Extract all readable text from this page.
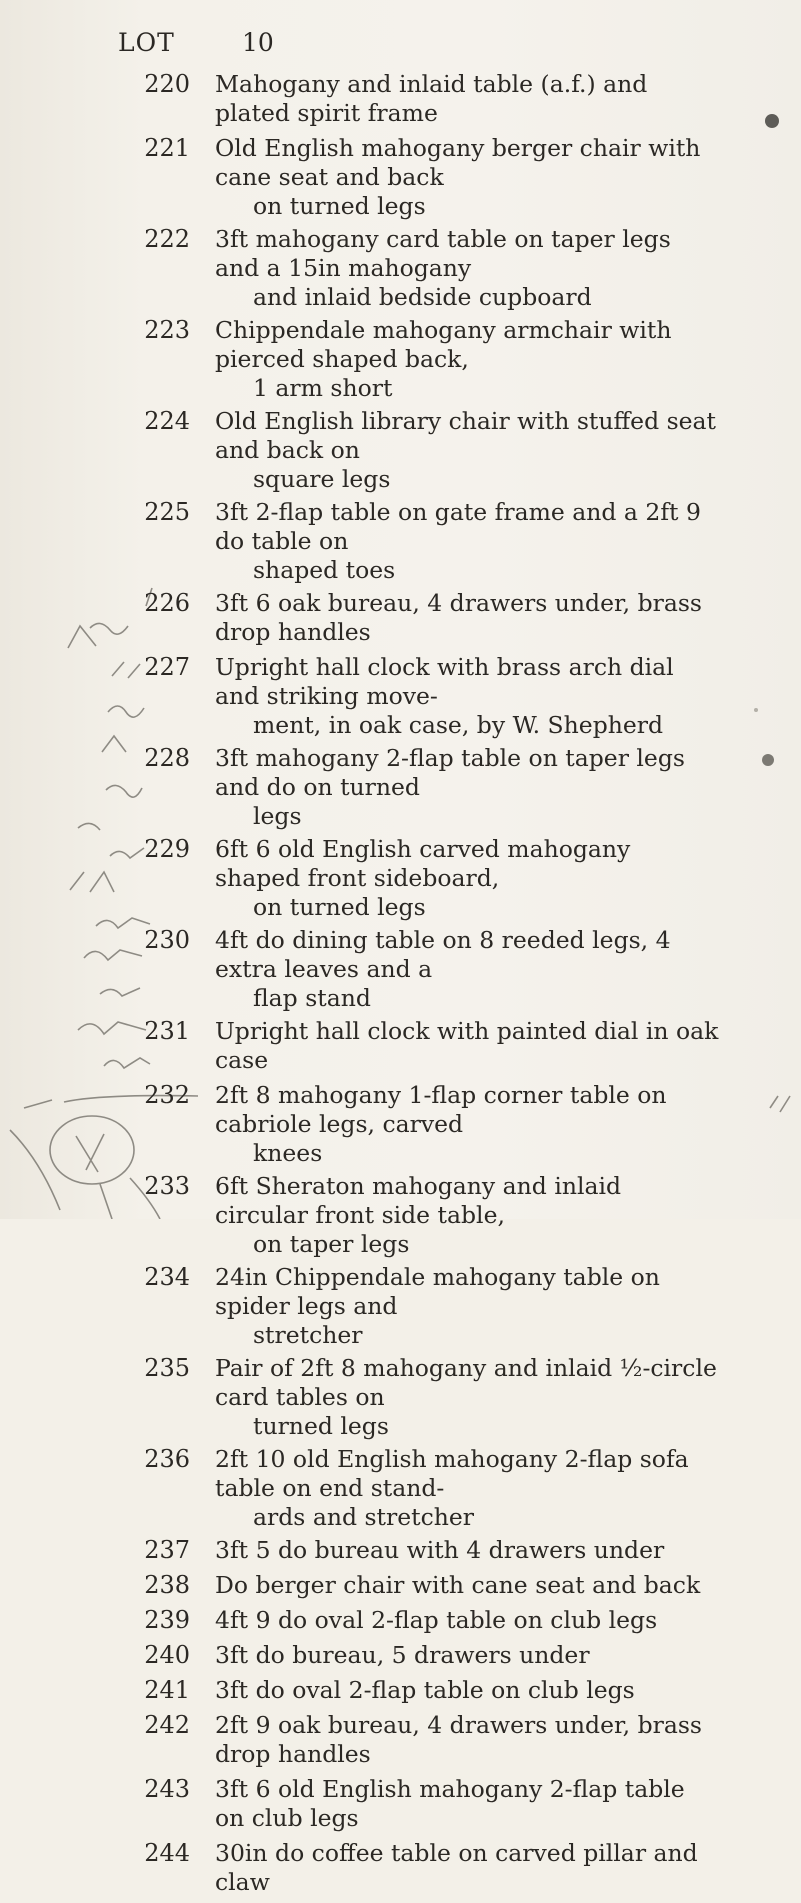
LOT	10
220 Mahogany and inlaid table (a.f.) and plated spirit frame
221 Old English mahogany berger chair with cane seat and back
on turned legs
222 3ft mahogany card table on taper legs and a 15in mahogany
and inlaid bedside cupboard
223 Chippendale mahogany armchair with pierced shaped back,
1 arm short
224 Old English library chair with stuffed seat and back on
square legs
225 3ft 2-flap table on gate frame and a 2ft 9 do table on
shaped toes
226 3ft 6 oak bureau, 4 drawers under, brass drop handles
227 Upright hall clock with brass arch dial and striking move-
ment, in oak case, by W. Shepherd
228 3ft mahogany 2-flap table on taper legs and do on turned
legs
229 6ft 6 old English carved mahogany shaped front sideboard,
on turned legs
230 4ft do dining table on 8 reeded legs, 4 extra leaves and a
flap stand
231 Upright hall clock with painted dial in oak case
232 2ft 8 mahogany 1-flap corner table on cabriole legs, carved
knees
233 6ft Sheraton mahogany and inlaid circular front side table,
on taper legs
234 24in Chippendale mahogany table on spider legs and
stretcher
235 Pair of 2ft 8 mahogany and inlaid ½-circle card tables on
turned legs
236 2ft 10 old English mahogany 2-flap sofa table on end stand-
ards and stretcher
237 3ft 5 do bureau with 4 drawers under
238 Do berger chair with cane seat and back
239 4ft 9 do oval 2-flap table on club legs
240 3ft do bureau, 5 drawers under
241 3ft do oval 2-flap table on club legs
242 2ft 9 oak bureau, 4 drawers under, brass drop handles
243 3ft 6 old English mahogany 2-flap table on club legs
244 30in do coffee table on carved pillar and claw
